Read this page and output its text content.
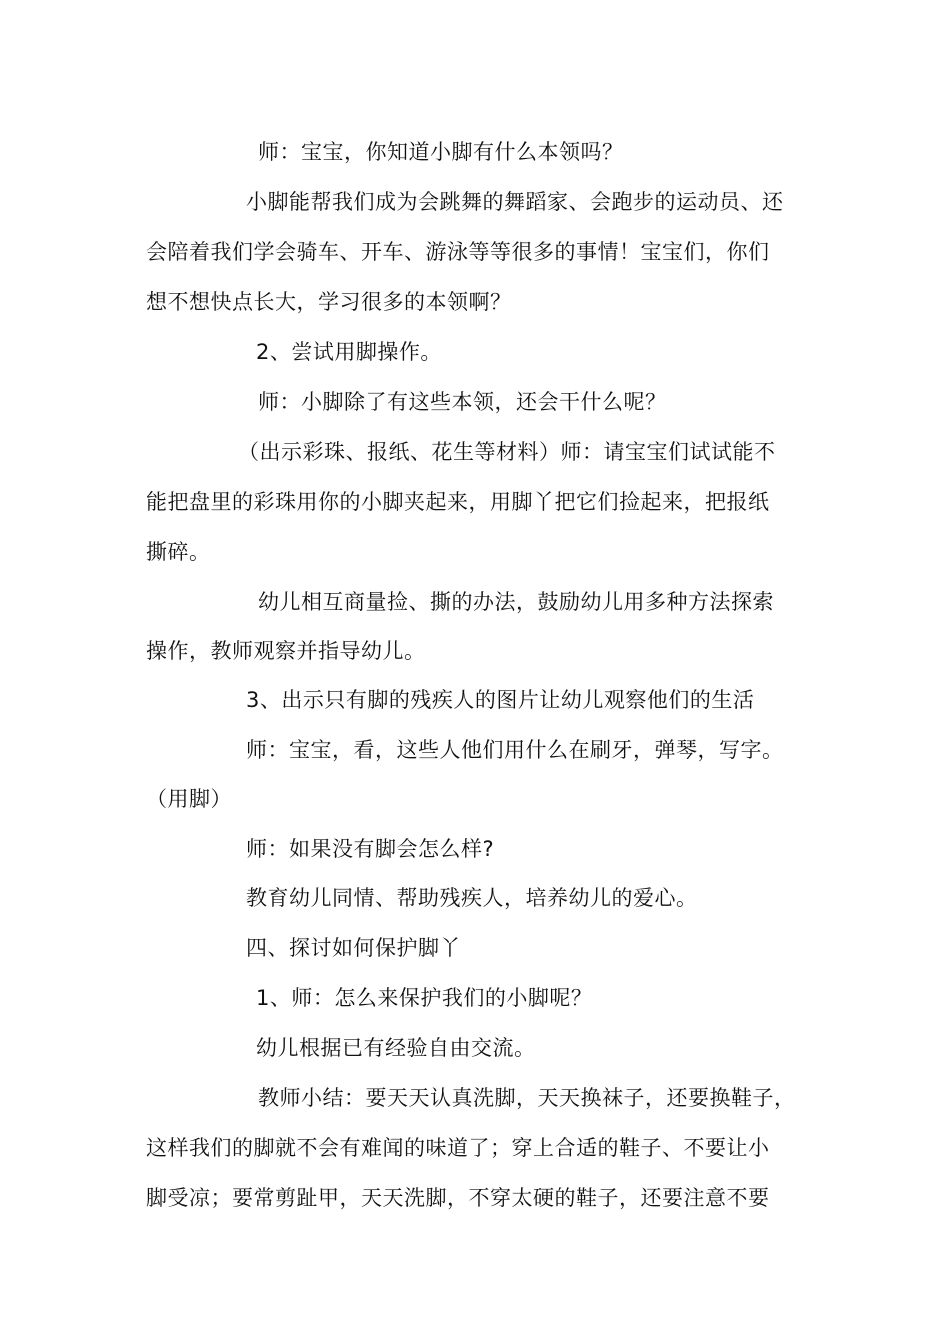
师：宝宝，你知道小脚有什么本领吗？
小脚能帮我们成为会跳舞的舞蹈家、会跑步的运动员、还
会陪着我们学会骑车、开车、游泳等等很多的事情！宝宝们，你们
想不想快点长大，学习很多的本领啊？
2、尝试用脚操作。
师：小脚除了有这些本领，还会干什么呢？
（出示彩珠、报纸、花生等材料）师：请宝宝们试试能不
能把盘里的彩珠用你的小脚夹起来，用脚丫把它们捡起来，把报纸
撕碎。
幼儿相互商量捡、撕的办法，鼓励幼儿用多种方法探索
操作，教师观察并指导幼儿。
3、出示只有脚的残疾人的图片让幼儿观察他们的生活
师：宝宝，看，这些人他们用什么在刷牙，弹琴，写字。
（用脚）
师：如果没有脚会怎么样?
教育幼儿同情、帮助残疾人，培养幼儿的爱心。
四、探讨如何保护脚丫
1、师：怎么来保护我们的小脚呢？
幼儿根据已有经验自由交流。
教师小结：要天天认真洗脚，天天换袜子，还要换鞋子，
这样我们的脚就不会有难闻的味道了；穿上合适的鞋子、不要让小
脚受凉；要常剪趾甲，天天洗脚，不穿太硬的鞋子，还要注意不要
